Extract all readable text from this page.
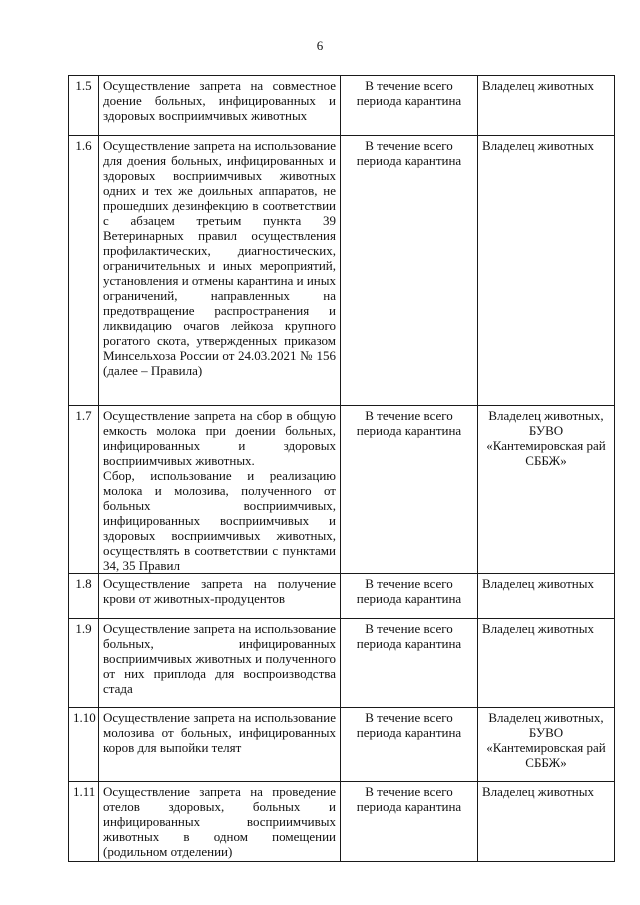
6
1.5	Осуществление запрета на совместное доение больных, инфицированных и здоровых восприимчивых животных	В течение всего периода карантина	Владелец животных
1.6	Осуществление запрета на использование для доения больных, инфицированных и здоровых восприимчивых животных одних и тех же доильных аппаратов, не прошедших дезинфекцию в соответствии с абзацем третьим пункта 39 Ветеринарных правил осуществления профилактических, диагностических, ограничительных и иных мероприятий, установления и отмены карантина и иных ограничений, направленных на предотвращение распространения и ликвидацию очагов лейкоза крупного рогатого скота, утвержденных приказом Минсельхоза России от 24.03.2021 № 156 (далее – Правила)	В течение всего периода карантина	Владелец животных
1.7	Осуществление запрета на сбор в общую емкость молока при доении больных, инфицированных и здоровых восприимчивых животных.
Сбор, использование и реализацию молока и молозива, полученного от больных восприимчивых, инфицированных восприимчивых и здоровых восприимчивых животных, осуществлять в соответствии с пунктами 34, 35 Правил	В течение всего периода карантина	Владелец животных, БУВО «Кантемировская рай СББЖ»
1.8	Осуществление запрета на получение крови от животных-продуцентов	В течение всего периода карантина	Владелец животных
1.9	Осуществление запрета на использование больных, инфицированных восприимчивых животных и полученного от них приплода для воспроизводства стада	В течение всего периода карантина	Владелец животных
1.10	Осуществление запрета на использование молозива от больных, инфицированных коров для выпойки телят	В течение всего периода карантина	Владелец животных, БУВО «Кантемировская рай СББЖ»
1.11	Осуществление запрета на проведение отелов здоровых, больных и инфицированных восприимчивых животных в одном помещении (родильном отделении)	В течение всего периода карантина	Владелец животных
